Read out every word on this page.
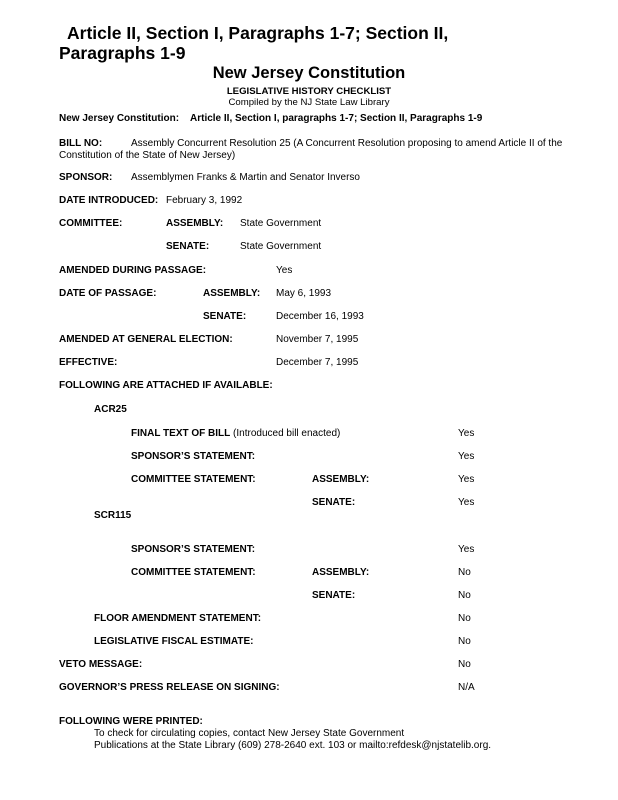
Article II, Section I, Paragraphs 1-7; Section II,
Paragraphs 1-9
New Jersey Constitution
LEGISLATIVE HISTORY CHECKLIST
Compiled by the NJ State Law Library
New Jersey Constitution: Article II, Section I, paragraphs 1-7; Section II, Paragraphs 1-9
BILL NO:	Assembly Concurrent Resolution 25 (A Concurrent Resolution proposing to amend Article II of the
Constitution of the State of New Jersey)
SPONSOR: Assemblymen Franks & Martin and Senator Inverso
DATE INTRODUCED: February 3, 1992
COMMITTEE:	ASSEMBLY: State Government
SENATE:	State Government
AMENDED DURING PASSAGE:	Yes
DATE OF PASSAGE:	ASSEMBLY: May 6, 1993
SENATE:	December 16, 1993
AMENDED AT GENERAL ELECTION:	November 7, 1995
EFFECTIVE:	December 7, 1995
FOLLOWING ARE ATTACHED IF AVAILABLE:
ACR25
FINAL TEXT OF BILL (Introduced bill enacted)	Yes
SPONSOR’S STATEMENT:	Yes
COMMITTEE STATEMENT:	ASSEMBLY:	Yes
SENATE:	Yes
SCR115
SPONSOR’S STATEMENT:	Yes
COMMITTEE STATEMENT:	ASSEMBLY:	No
SENATE:	No
FLOOR AMENDMENT STATEMENT:	No
LEGISLATIVE FISCAL ESTIMATE:	No
VETO MESSAGE:	No
GOVERNOR’S PRESS RELEASE ON SIGNING:	N/A
FOLLOWING WERE PRINTED:
To check for circulating copies, contact New Jersey State Government
Publications at the State Library (609) 278-2640 ext. 103 or mailto:refdesk@njstatelib.org.
